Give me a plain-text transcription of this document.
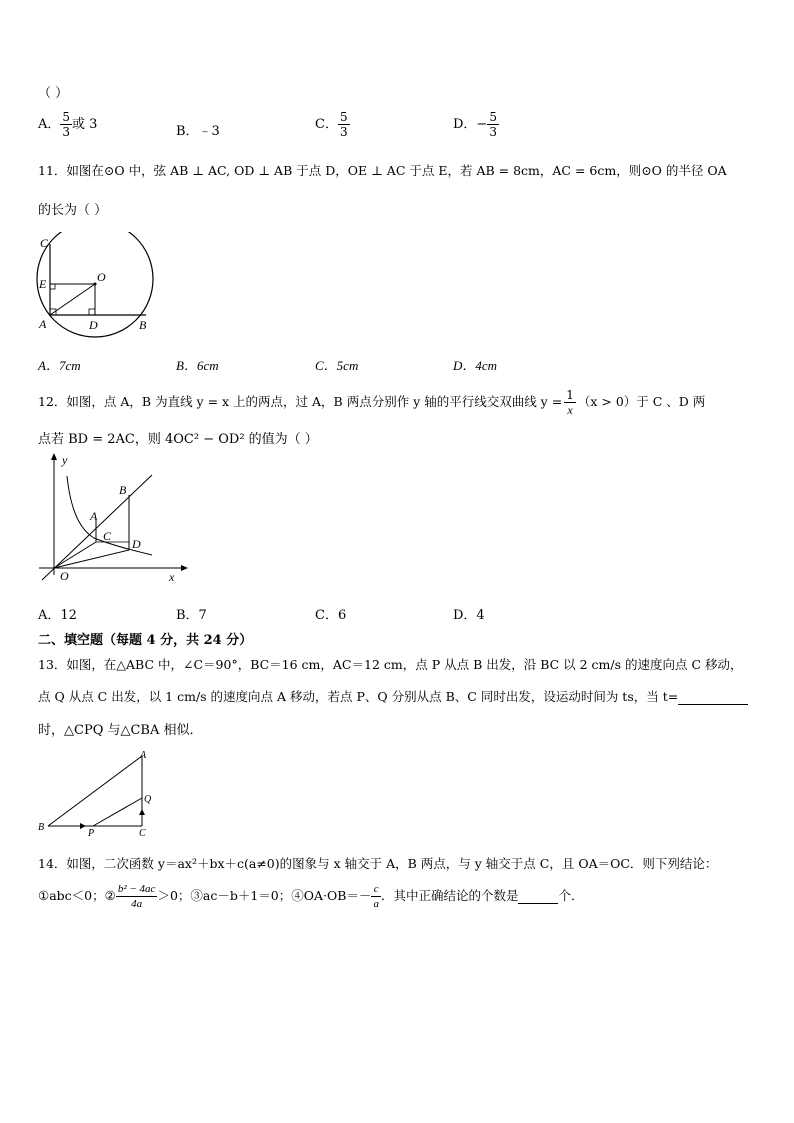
（ ）
A． $\frac{5}{3}$ 或 3	B．﹣3	C． $\frac{5}{3}$	D．− $\frac{5}{3}$
11．如图在⊙O 中，弦 AB ⊥ AC, OD ⊥ AB 于点 D，OE ⊥ AC 于点 E，若 AB = 8cm，AC = 6cm，则⊙O 的半径 OA
的长为（ ）
C
E
A
O
D	B
A．7cm	B．6cm	C．5cm	D．4cm
12．如图，点 A，B 为直线 y = x 上的两点，过 A，B 两点分别作 y 轴的平行线交双曲线 $y = \frac{1}{x} (x > 0)$于 C 、D 两
点若 BD = 2AC，则 4OC² − OD² 的值为（ ）
y
x
O
A
B
C
D
A．12	B．7	C．6	D．4
二、填空题（每题 4 分，共 24 分）
13．如图，在△ABC 中，∠C＝90°，BC＝16 cm，AC＝12 cm，点 P 从点 B 出发，沿 BC 以 2 cm/s 的速度向点 C 移动，
点 Q 从点 C 出发，以 1 cm/s 的速度向点 A 移动，若点 P、Q 分别从点 B、C 同时出发，设运动时间为 ts，当 t=
时，△CPQ 与△CBA 相似．
A
Q
B
P	C
14．如图，二次函数 y＝ax²＋bx＋c(a≠0)的图象与 x 轴交于 A，B 两点，与 y 轴交于点 C，且 OA＝OC．则下列结论：
①abc＜0；② $\frac{\text{b² − 4ac}}{4a} >0$；③ac－b＋1＝0；④OA·OB＝－ $\frac{c}{a}$ ．其中正确结论的个数是	个．
